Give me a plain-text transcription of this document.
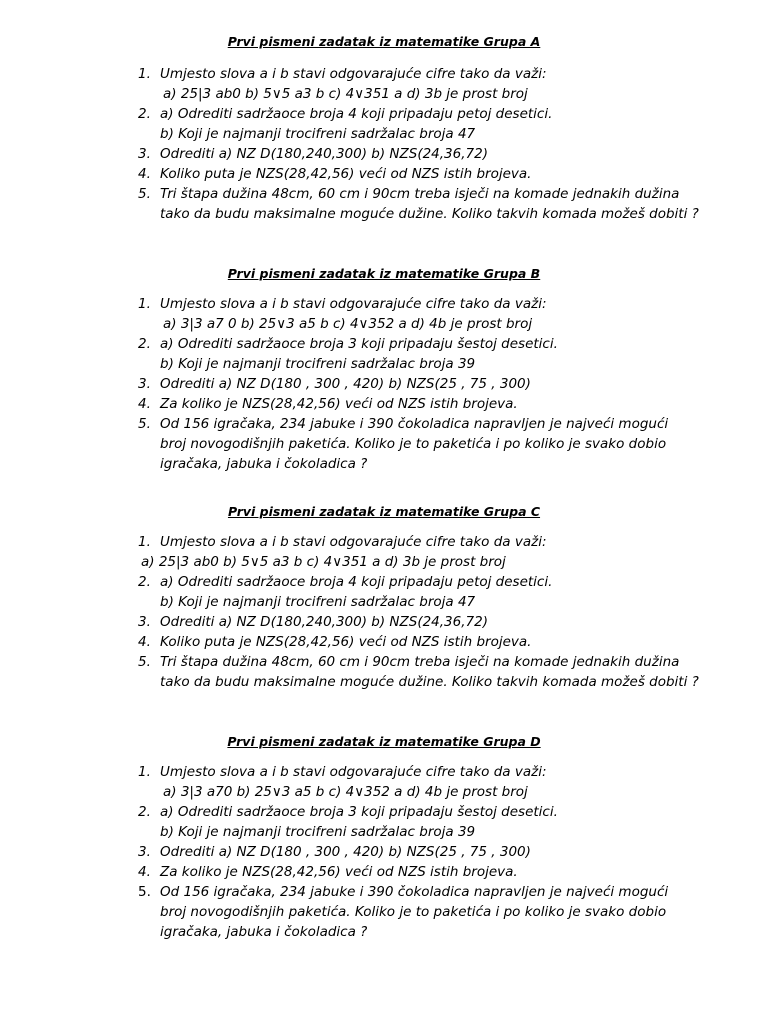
Prvi pismeni zadatak iz matematike Grupa A
1. Umjesto slova a i b stavi odgovarajuće cifre tako da važi:
a) 25|3 ab0 b) 5∨5 a3 b c) 4∨351 a d) 3b je prost broj
2. a) Odrediti sadržaoce broja 4 koji pripadaju petoj desetici.
b) Koji je najmanji trocifreni sadržalac broja 47
3. Odrediti a) NZ D(180,240,300) b) NZS(24,36,72)
4. Koliko puta je NZS(28,42,56) veći od NZS istih brojeva.
5. Tri štapa dužina 48cm, 60 cm i 90cm treba isječi na komade jednakih dužina
tako da budu maksimalne moguće dužine. Koliko takvih komada možeš dobiti ?
Prvi pismeni zadatak iz matematike Grupa B
1. Umjesto slova a i b stavi odgovarajuće cifre tako da važi:
a) 3|3 a7 0 b) 25∨3 a5 b c) 4∨352 a d) 4b je prost broj
2. a) Odrediti sadržaoce broja 3 koji pripadaju šestoj desetici.
b) Koji je najmanji trocifreni sadržalac broja 39
3. Odrediti a) NZ D(180 , 300 , 420) b) NZS(25 , 75 , 300)
4. Za koliko je NZS(28,42,56) veći od NZS istih brojeva.
5. Od 156 igračaka, 234 jabuke i 390 čokoladica napravljen je najveći mogući
broj novogodišnjih paketića. Koliko je to paketića i po koliko je svako dobio
igračaka, jabuka i čokoladica ?
Prvi pismeni zadatak iz matematike Grupa C
1. Umjesto slova a i b stavi odgovarajuće cifre tako da važi:
a) 25|3 ab0 b) 5∨5 a3 b c) 4∨351 a d) 3b je prost broj
2. a) Odrediti sadržaoce broja 4 koji pripadaju petoj desetici.
b) Koji je najmanji trocifreni sadržalac broja 47
3. Odrediti a) NZ D(180,240,300) b) NZS(24,36,72)
4. Koliko puta je NZS(28,42,56) veći od NZS istih brojeva.
5. Tri štapa dužina 48cm, 60 cm i 90cm treba isječi na komade jednakih dužina
tako da budu maksimalne moguće dužine. Koliko takvih komada možeš dobiti ?
Prvi pismeni zadatak iz matematike Grupa D
1. Umjesto slova a i b stavi odgovarajuće cifre tako da važi:
a) 3|3 a70 b) 25∨3 a5 b c) 4∨352 a d) 4b je prost broj
2. a) Odrediti sadržaoce broja 3 koji pripadaju šestoj desetici.
b) Koji je najmanji trocifreni sadržalac broja 39
3. Odrediti a) NZ D(180 , 300 , 420) b) NZS(25 , 75 , 300)
4. Za koliko je NZS(28,42,56) veći od NZS istih brojeva.
5. Od 156 igračaka, 234 jabuke i 390 čokoladica napravljen je najveći mogući
broj novogodišnjih paketića. Koliko je to paketića i po koliko je svako dobio
igračaka, jabuka i čokoladica ?
